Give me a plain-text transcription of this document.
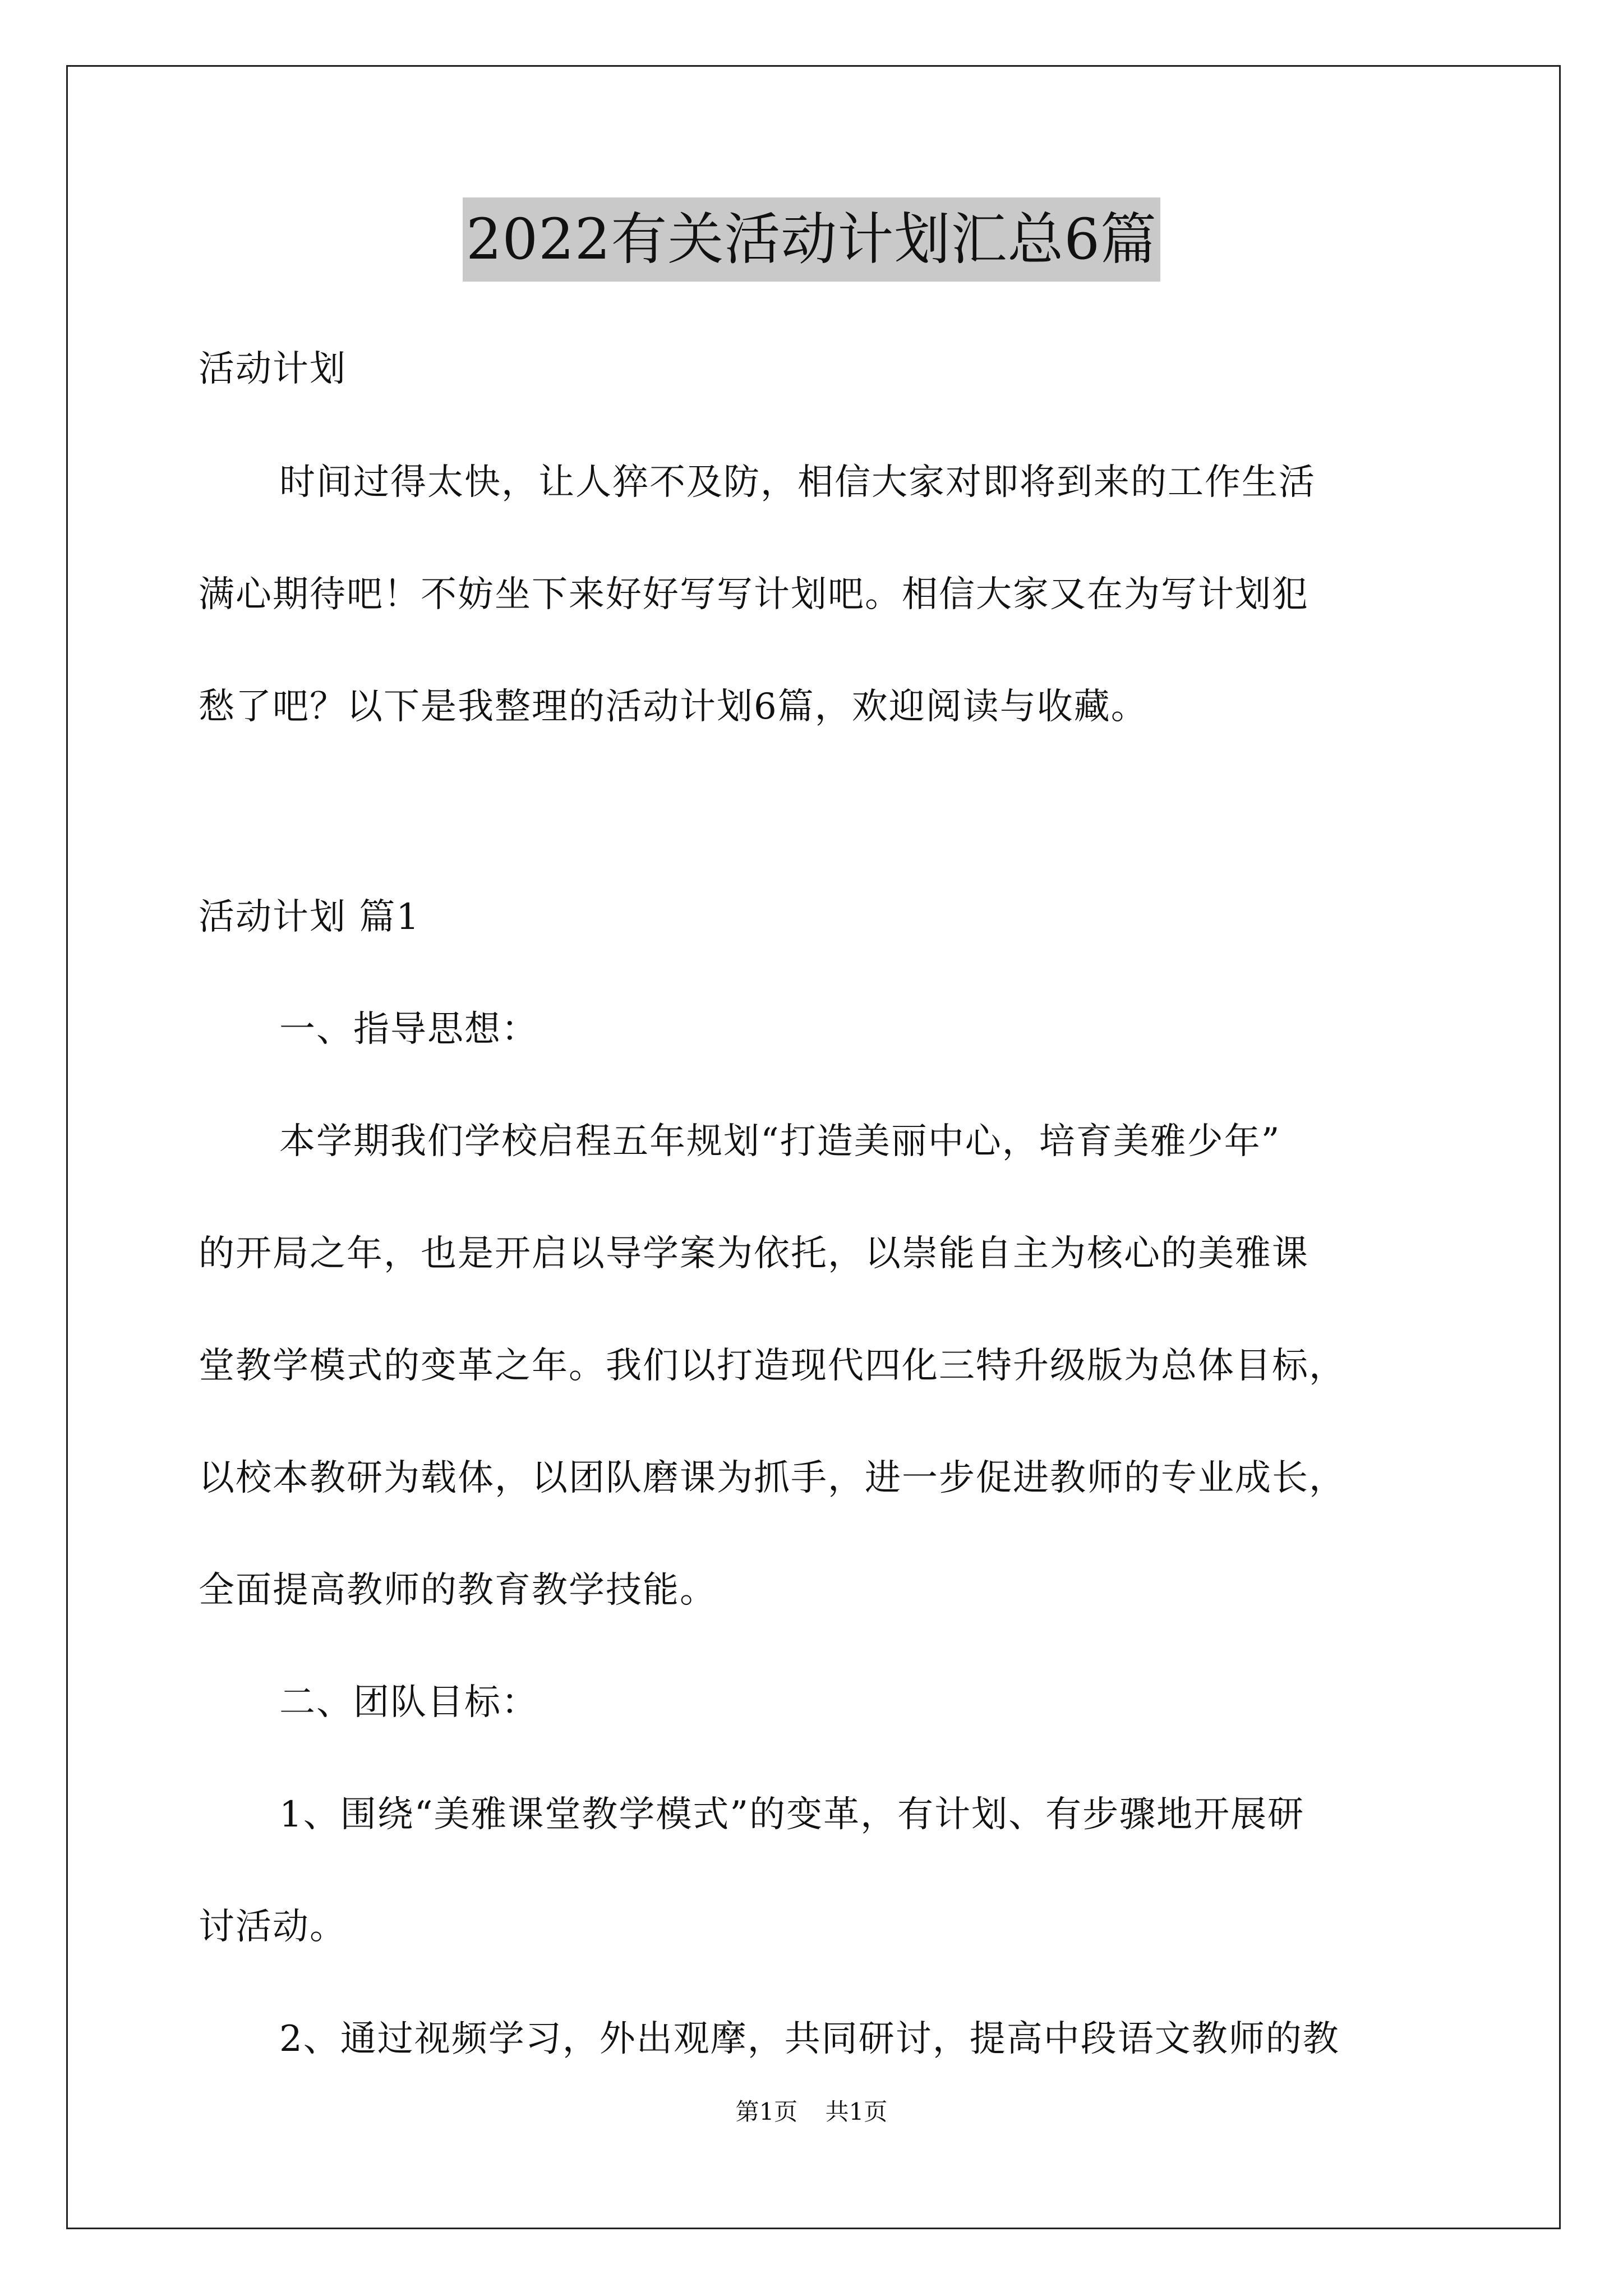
2022有关活动计划汇总6篇
活动计划
时间过得太快，让人猝不及防，相信大家对即将到来的工作生活
满心期待吧！不妨坐下来好好写写计划吧。相信大家又在为写计划犯
愁了吧？以下是我整理的活动计划6篇，欢迎阅读与收藏。
活动计划 篇1
一、指导思想：
本学期我们学校启程五年规划“打造美丽中心，培育美雅少年”
的开局之年，也是开启以导学案为依托，以崇能自主为核心的美雅课
堂教学模式的变革之年。我们以打造现代四化三特升级版为总体目标，
以校本教研为载体，以团队磨课为抓手，进一步促进教师的专业成长，
全面提高教师的教育教学技能。
二、团队目标：
1、围绕“美雅课堂教学模式”的变革，有计划、有步骤地开展研
讨活动。
2、通过视频学习，外出观摩，共同研讨，提高中段语文教师的教
第1页 共1页
